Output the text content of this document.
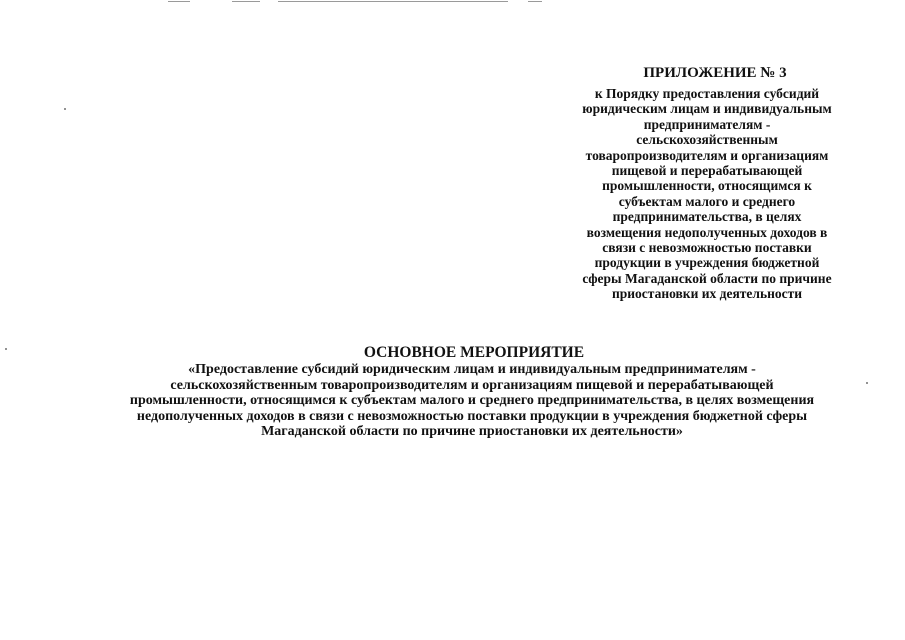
ПРИЛОЖЕНИЕ № 3

к Порядку предоставления субсидий
юридическим лицам и индивидуальным
предпринимателям -
сельскохозяйственным
товаропроизводителям и организациям
пищевой и перерабатывающей
промышленности, относящимся к
субъектам малого и среднего
предпринимательства, в целях
возмещения недополученных доходов в
связи с невозможностью поставки
продукции в учреждения бюджетной
сферы Магаданской области по причине
приостановки их деятельности

ОСНОВНОЕ МЕРОПРИЯТИЕ
«Предоставление субсидий юридическим лицам и индивидуальным предпринимателям -
сельскохозяйственным товаропроизводителям и организациям пищевой и перерабатывающей
промышленности, относящимся к субъектам малого и среднего предпринимательства, в целях возмещения
недополученных доходов в связи с невозможностью поставки продукции в учреждения бюджетной сферы
Магаданской области по причине приостановки их деятельности»
